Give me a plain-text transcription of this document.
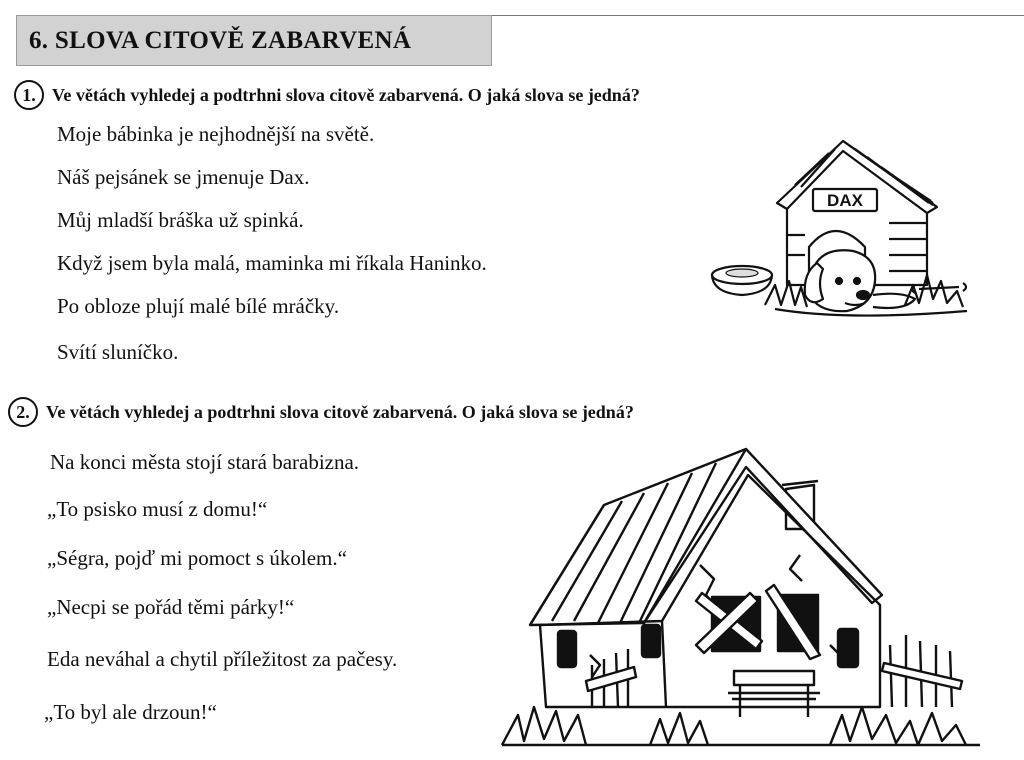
6. SLOVA CITOVĚ ZABARVENÁ
1. Ve větách vyhledej a podtrhni slova citově zabarvená. O jaká slova se jedná?
Moje bábinka je nejhodnější na světě.
Náš pejsánek se jmenuje Dax.
Můj mladší bráška už spinká.
Když jsem byla malá, maminka mi říkala Haninko.
Po obloze plují malé bílé mráčky.
Svítí sluníčko.
DAX
2. Ve větách vyhledej a podtrhni slova citově zabarvená. O jaká slova se jedná?
Na konci města stojí stará barabizna.
„To psisko musí z domu!“
„Ségra, pojď mi pomoct s úkolem.“
„Necpi se pořád těmi párky!“
Eda neváhal a chytil příležitost za pačesy.
„To byl ale drzoun!“
